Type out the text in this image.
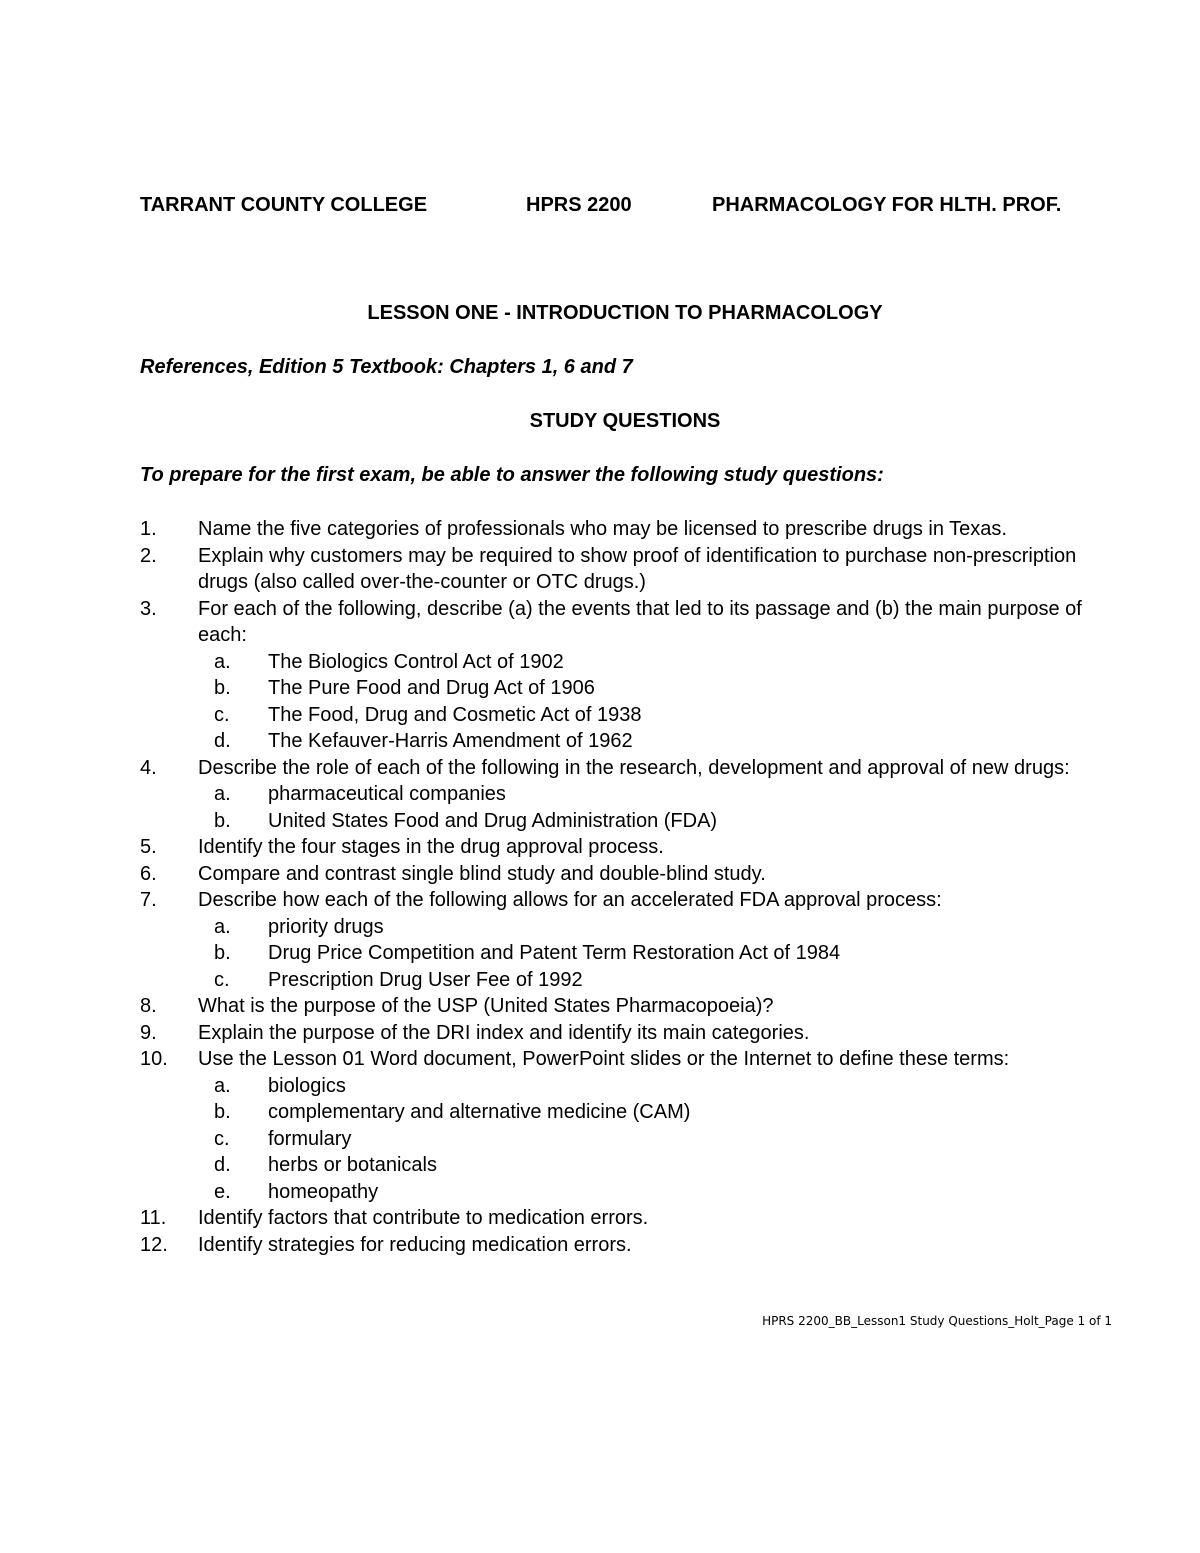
TARRANT COUNTY COLLEGE	HPRS 2200	PHARMACOLOGY FOR HLTH. PROF.
LESSON ONE - INTRODUCTION TO PHARMACOLOGY
References, Edition 5 Textbook: Chapters 1, 6 and 7
STUDY QUESTIONS
To prepare for the first exam, be able to answer the following study questions:
1. Name the five categories of professionals who may be licensed to prescribe drugs in Texas.
2. Explain why customers may be required to show proof of identification to purchase non-prescription drugs (also called over-the-counter or OTC drugs.)
3. For each of the following, describe (a) the events that led to its passage and (b) the main purpose of each:
a. The Biologics Control Act of 1902
b. The Pure Food and Drug Act of 1906
c. The Food, Drug and Cosmetic Act of 1938
d. The Kefauver-Harris Amendment of 1962
4. Describe the role of each of the following in the research, development and approval of new drugs:
a. pharmaceutical companies
b. United States Food and Drug Administration (FDA)
5. Identify the four stages in the drug approval process.
6. Compare and contrast single blind study and double-blind study.
7. Describe how each of the following allows for an accelerated FDA approval process:
a. priority drugs
b. Drug Price Competition and Patent Term Restoration Act of 1984
c. Prescription Drug User Fee of 1992
8. What is the purpose of the USP (United States Pharmacopoeia)?
9. Explain the purpose of the DRI index and identify its main categories.
10. Use the Lesson 01 Word document, PowerPoint slides or the Internet to define these terms:
a. biologics
b. complementary and alternative medicine (CAM)
c. formulary
d. herbs or botanicals
e. homeopathy
11. Identify factors that contribute to medication errors.
12. Identify strategies for reducing medication errors.
HPRS 2200_BB_Lesson1 Study Questions_Holt_Page 1 of 1
